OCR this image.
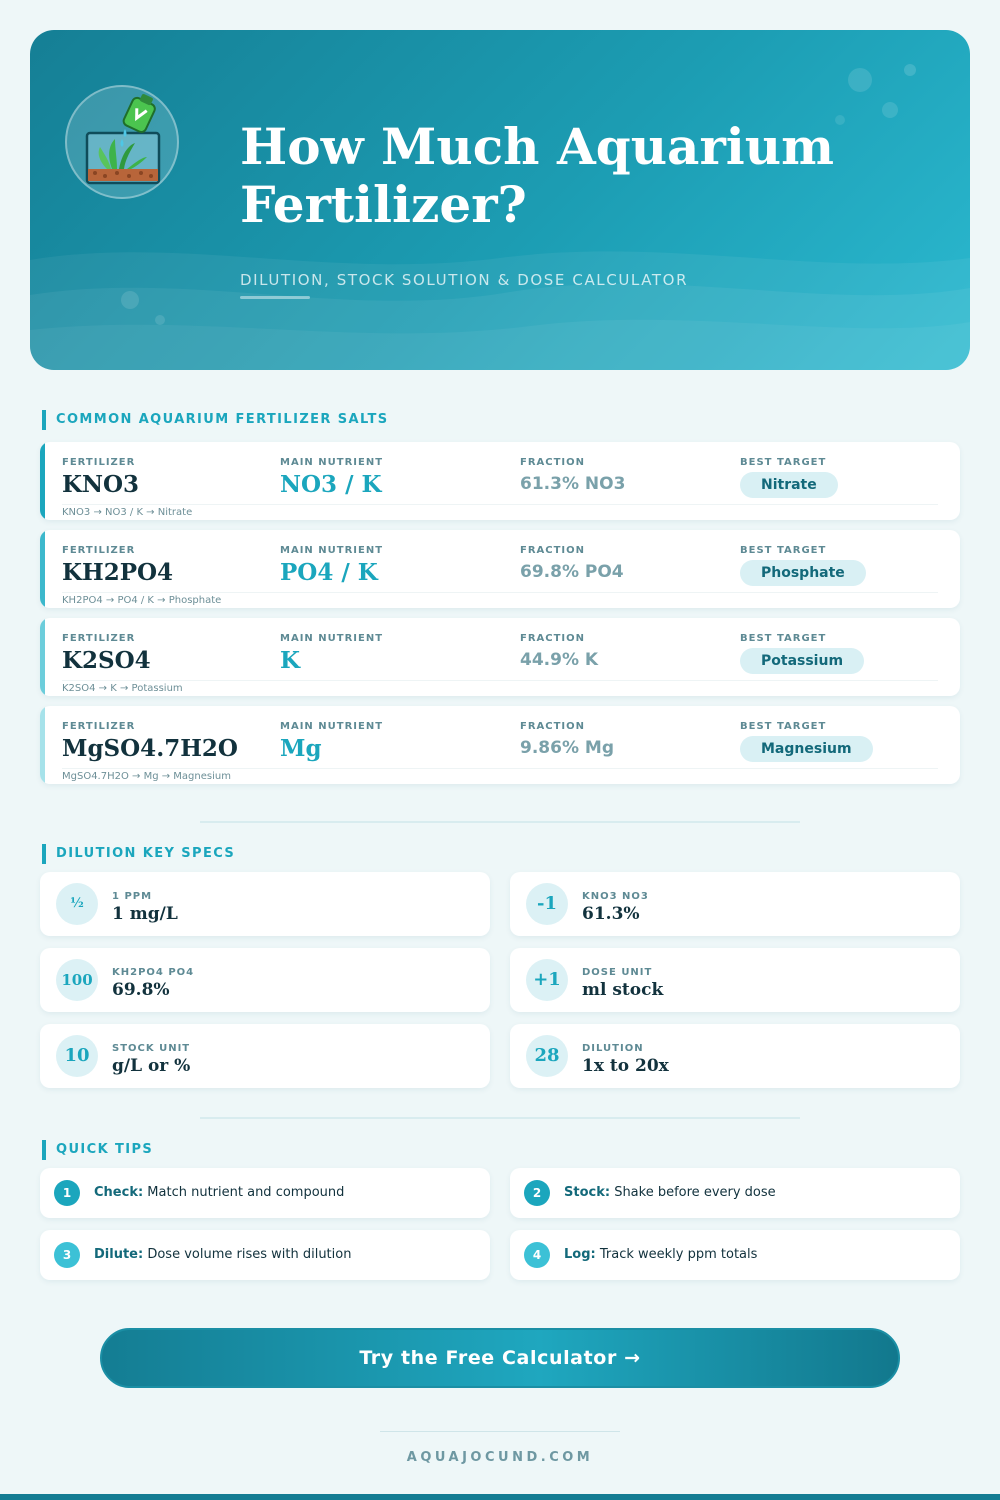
How Much Aquarium Fertilizer?
DILUTION, STOCK SOLUTION & DOSE CALCULATOR
COMMON AQUARIUM FERTILIZER SALTS
FERTILIZER
KNO3
MAIN NUTRIENT
NO3 / K
FRACTION
61.3% NO3
BEST TARGET
Nitrate
KNO3 → NO3 / K → Nitrate
FERTILIZER
KH2PO4
MAIN NUTRIENT
PO4 / K
FRACTION
69.8% PO4
BEST TARGET
Phosphate
KH2PO4 → PO4 / K → Phosphate
FERTILIZER
K2SO4
MAIN NUTRIENT
K
FRACTION
44.9% K
BEST TARGET
Potassium
K2SO4 → K → Potassium
FERTILIZER
MgSO4.7H2O
MAIN NUTRIENT
Mg
FRACTION
9.86% Mg
BEST TARGET
Magnesium
MgSO4.7H2O → Mg → Magnesium
DILUTION KEY SPECS
½	1 PPM
1 mg/L	-1	KNO3 NO3
61.3%
100	KH2PO4 PO4
69.8%	+1	DOSE UNIT
ml stock
10	STOCK UNIT
g/L or %	28	DILUTION
1x to 20x
QUICK TIPS
1	Check: Match nutrient and compound	2	Stock: Shake before every dose
3	Dilute: Dose volume rises with dilution	4	Log: Track weekly ppm totals
Try the Free Calculator →
AQUAJOCUND.COM
